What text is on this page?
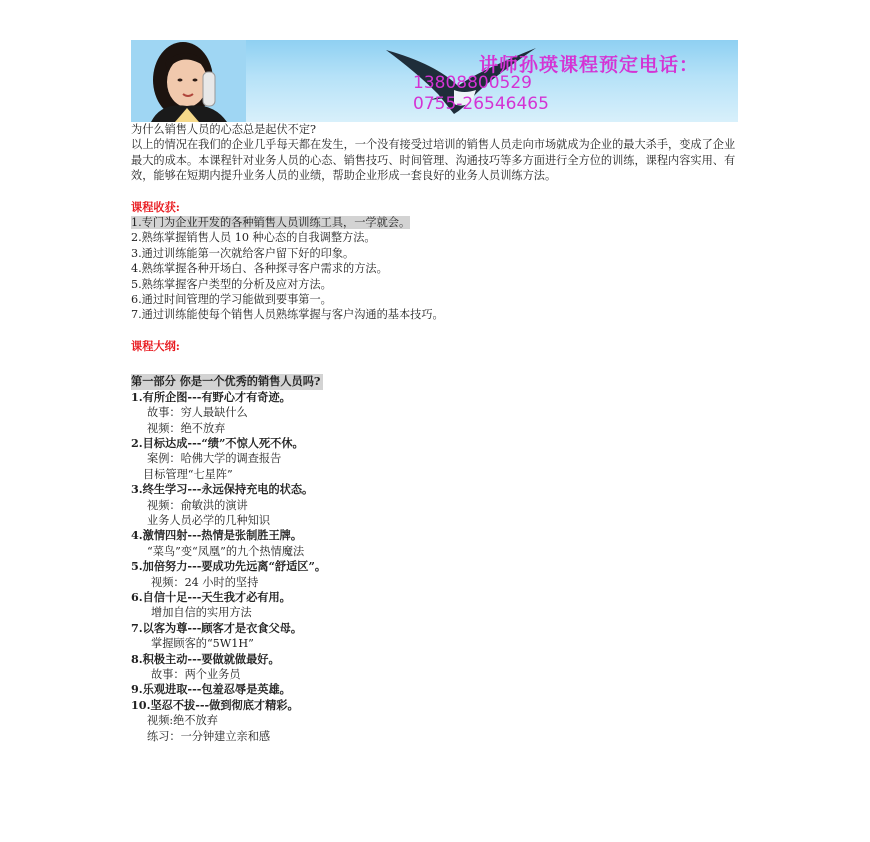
讲师孙瑛课程预定电话：
13808800529
0755-26546465

为什么销售人员的心态总是起伏不定?

以上的情况在我们的企业几乎每天都在发生，一个没有接受过培训的销售人员走向市场就成为企业的最大杀手，变成了企业最大的成本。本课程针对业务人员的心态、销售技巧、时间管理、沟通技巧等多方面进行全方位的训练，课程内容实用、有效，能够在短期内提升业务人员的业绩，帮助企业形成一套良好的业务人员训练方法。

课程收获:

1.专门为企业开发的各种销售人员训练工具，一学就会。
2.熟练掌握销售人员 10 种心态的自我调整方法。
3.通过训练能第一次就给客户留下好的印象。
4.熟练掌握各种开场白、各种探寻客户需求的方法。
5.熟练掌握客户类型的分析及应对方法。
6.通过时间管理的学习能做到要事第一。
7.通过训练能使每个销售人员熟练掌握与客户沟通的基本技巧。

课程大纲:

第一部分 你是一个优秀的销售人员吗?

1.有所企图---有野心才有奇迹。

故事：穷人最缺什么

视频：绝不放弃

2.目标达成---“绩”不惊人死不休。

案例：哈佛大学的调查报告

目标管理“七星阵”

3.终生学习---永远保持充电的状态。

视频：俞敏洪的演讲

业务人员必学的几种知识

4.激情四射---热情是张制胜王牌。

“菜鸟”变“凤凰”的九个热情魔法

5.加倍努力---要成功先远离“舒适区”。

视频：24 小时的坚持

6.自信十足---天生我才必有用。

增加自信的实用方法

7.以客为尊---顾客才是衣食父母。

掌握顾客的“5W1H”

8.积极主动---要做就做最好。

故事：两个业务员

9.乐观进取---包羞忍辱是英雄。

10.坚忍不拔---做到彻底才精彩。

视频:绝不放弃

练习：一分钟建立亲和感
